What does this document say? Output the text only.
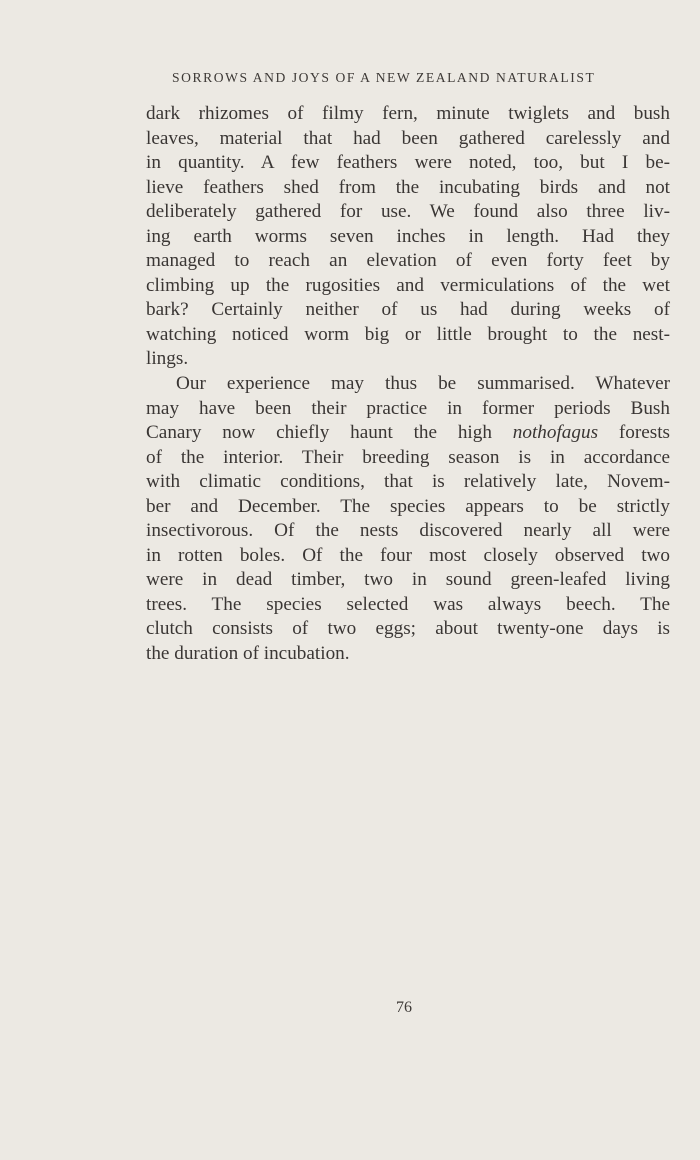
SORROWS AND JOYS OF A NEW ZEALAND NATURALIST
dark rhizomes of filmy fern, minute twiglets and bush
leaves, material that had been gathered carelessly and
in quantity. A few feathers were noted, too, but I be-
lieve feathers shed from the incubating birds and not
deliberately gathered for use. We found also three liv-
ing earth worms seven inches in length. Had they
managed to reach an elevation of even forty feet by
climbing up the rugosities and vermiculations of the wet
bark? Certainly neither of us had during weeks of
watching noticed worm big or little brought to the nest-
lings.
Our experience may thus be summarised. Whatever
may have been their practice in former periods Bush
Canary now chiefly haunt the high nothofagus forests
of the interior. Their breeding season is in accordance
with climatic conditions, that is relatively late, Novem-
ber and December. The species appears to be strictly
insectivorous. Of the nests discovered nearly all were
in rotten boles. Of the four most closely observed two
were in dead timber, two in sound green-leafed living
trees. The species selected was always beech. The
clutch consists of two eggs; about twenty-one days is
the duration of incubation.
76
